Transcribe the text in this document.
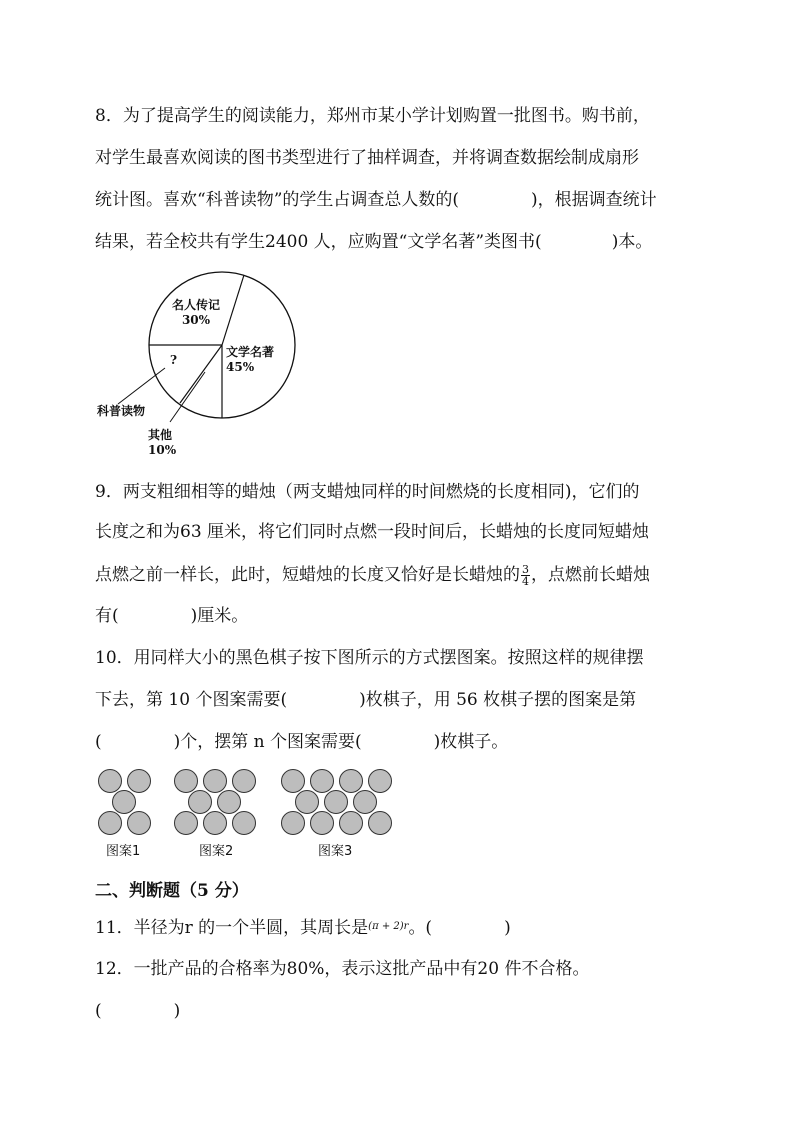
8．为了提高学生的阅读能力，郑州市某小学计划购置一批图书。购书前，
对学生最喜欢阅读的图书类型进行了抽样调查，并将调查数据绘制成扇形
统计图。喜欢“科普读物”的学生占调查总人数的(	)，根据调查统计
结果，若全校共有学生2400 人，应购置“文学名著”类图书(	)本。
名人传记
30%
文学名著
45%
?
科普读物
其他
10%
9．两支粗细相等的蜡烛（两支蜡烛同样的时间燃烧的长度相同)，它们的
长度之和为63 厘米，将它们同时点燃一段时间后，长蜡烛的长度同短蜡烛
点燃之前一样长，此时，短蜡烛的长度又恰好是长蜡烛的 $\frac{3}{4}$ ，点燃前长蜡烛
有(	)厘米。
10．用同样大小的黑色棋子按下图所示的方式摆图案。按照这样的规律摆
下去，第 10 个图案需要(	)枚棋子，用 56 枚棋子摆的图案是第
(	)个，摆第 n 个图案需要(	)枚棋子。
图案1	图案2	图案3
二、判断题（5 分）
11．半径为r 的一个半圆，其周长是$^{(\pi + 2)r}$。(	)
12．一批产品的合格率为80%，表示这批产品中有20 件不合格。
(	)
